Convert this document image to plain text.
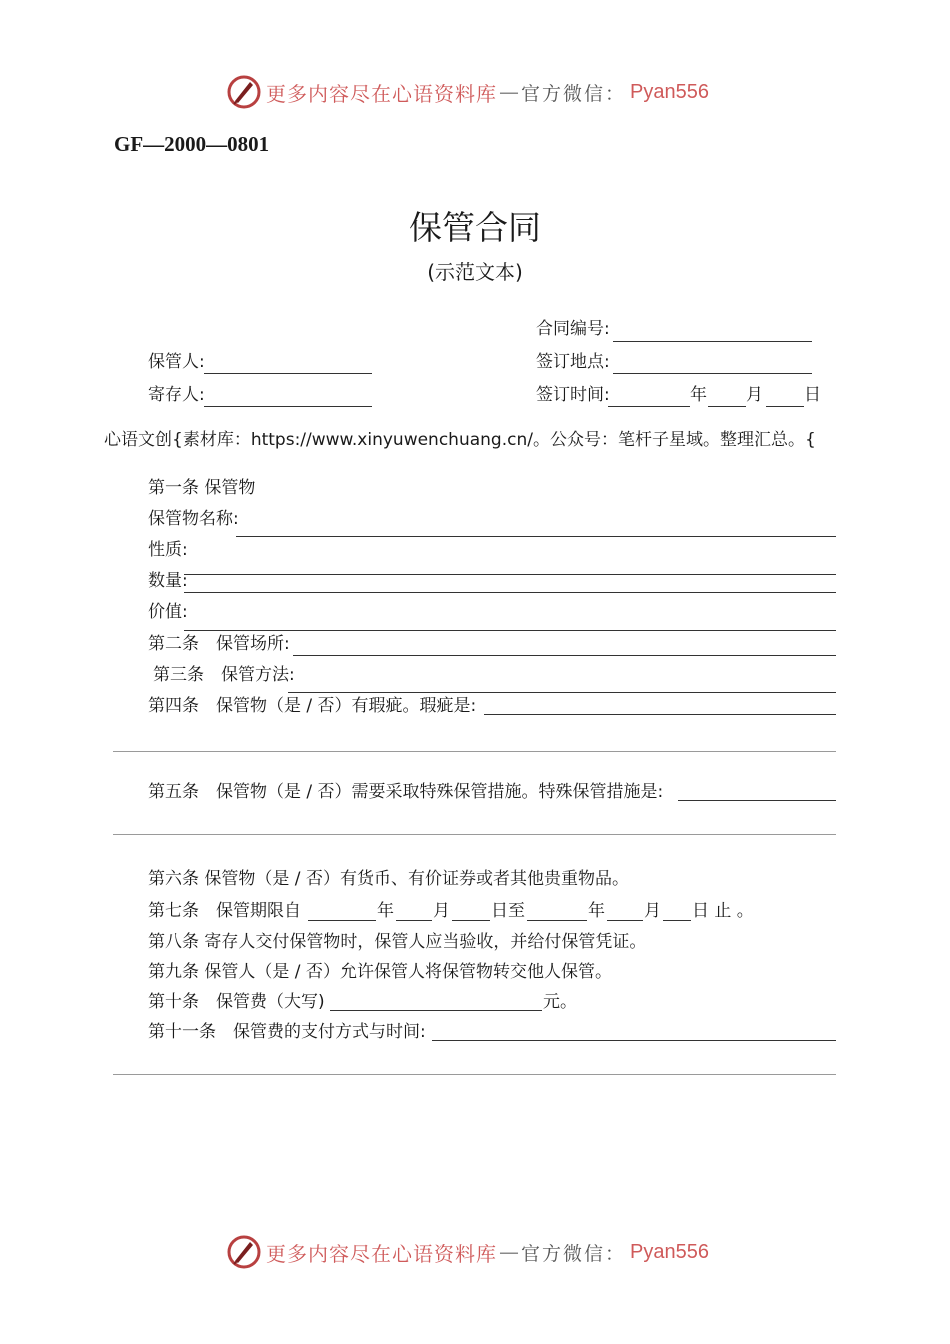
更多内容尽在心语资料库 — 官方微信： Pyan556
GF—2000—0801
保管合同
(示范文本)
合同编号:
保管人:	签订地点:
寄存人:	签订时间:	年 月 日
心语文创{素材库：https://www.xinyuwenchuang.cn/。公众号：笔杆子星域。整理汇总。{
第一条 保管物
保管物名称:
性质:
数量:
价值:
第二条　保管场所:
第三条　保管方法:
第四条　保管物（是 / 否）有瑕疵。瑕疵是:
第五条　保管物（是 / 否）需要采取特殊保管措施。特殊保管措施是:
第六条 保管物（是 / 否）有货币、有价证券或者其他贵重物品。
第七条　保管期限自	年 月 日至	年 月 日 止 。
第八条 寄存人交付保管物时，保管人应当验收，并给付保管凭证。
第九条 保管人（是 / 否）允许保管人将保管物转交他人保管。
第十条　保管费（大写)	元。
第十一条　保管费的支付方式与时间:
更多内容尽在心语资料库 — 官方微信： Pyan556
